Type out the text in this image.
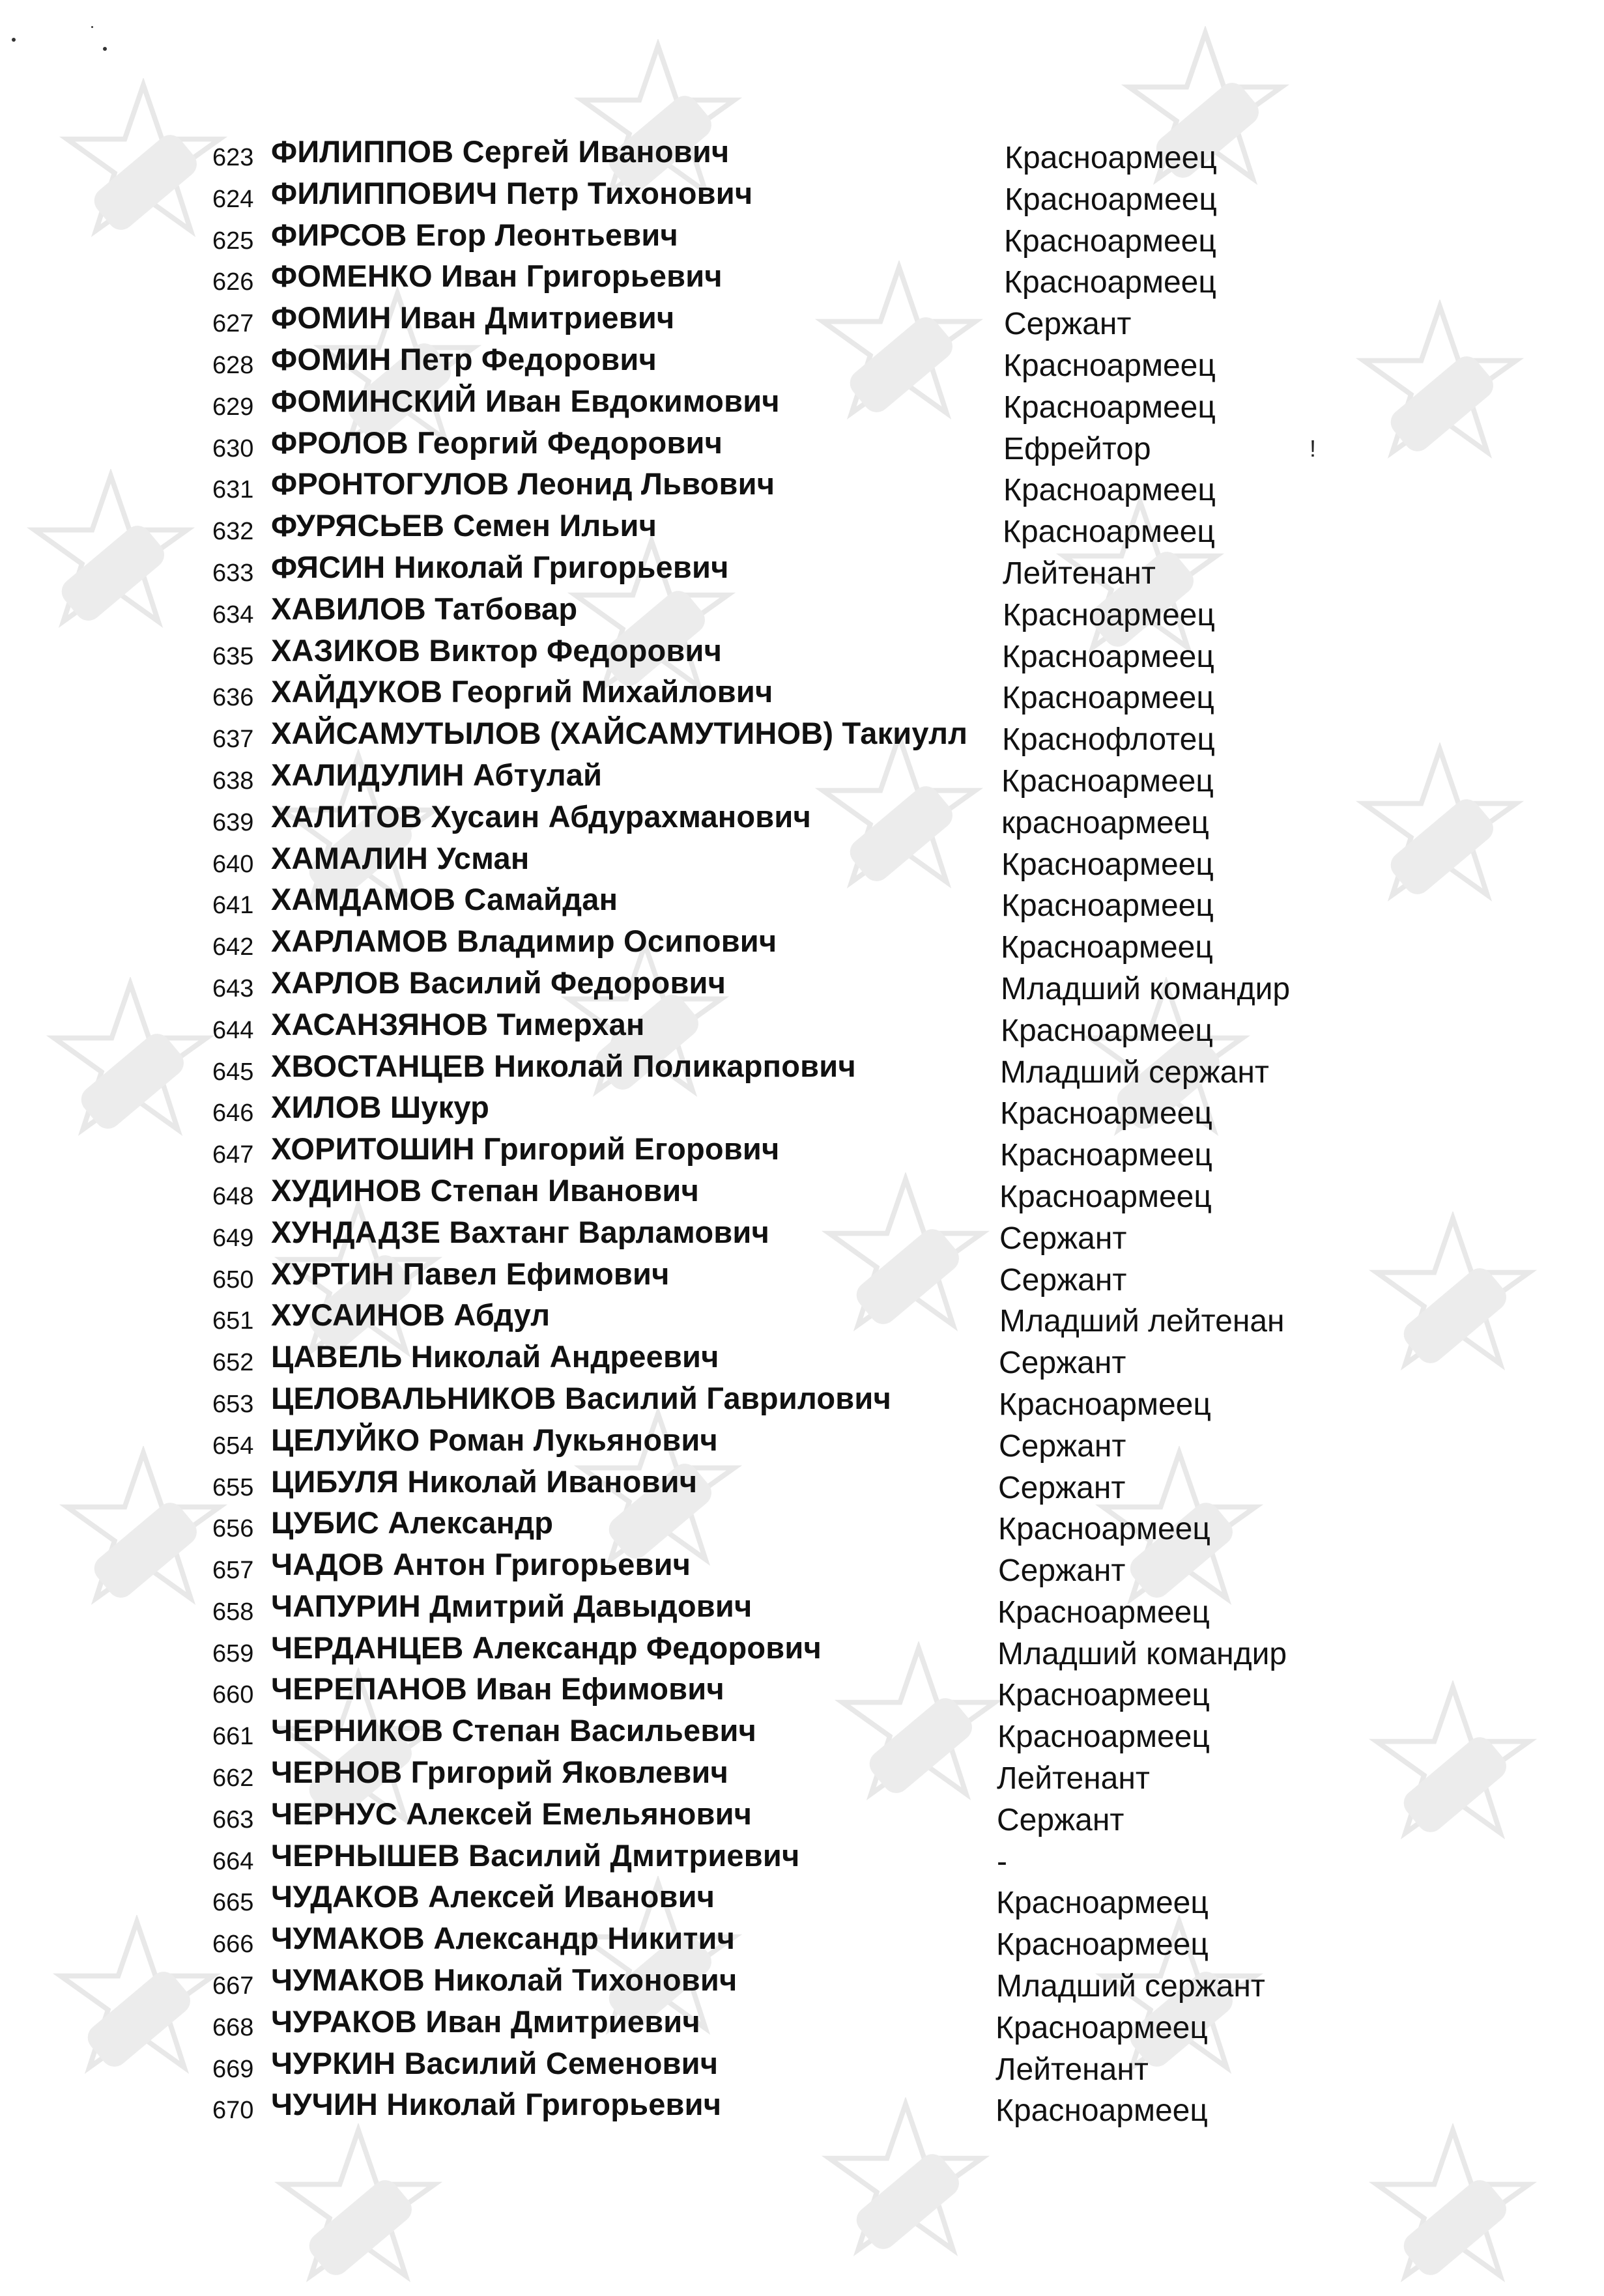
623 ФИЛИППОВ Сергей Иванович	Красноармеец
624 ФИЛИППОВИЧ Петр Тихонович	Красноармеец
625 ФИРСОВ Егор Леонтьевич	Красноармеец
626 ФОМЕНКО Иван Григорьевич	Красноармеец
627 ФОМИН Иван Дмитриевич	Сержант
628 ФОМИН Петр Федорович	Красноармеец
629 ФОМИНСКИЙ Иван Евдокимович	Красноармеец
630 ФРОЛОВ Георгий Федорович	Ефрейтор
631 ФРОНТОГУЛОВ Леонид Львович	Красноармеец
632 ФУРЯСЬЕВ Семен Ильич	Красноармеец
633 ФЯСИН Николай Григорьевич	Лейтенант
634 ХАВИЛОВ Татбовар	Красноармеец
635 ХАЗИКОВ Виктор Федорович	Красноармеец
636 ХАЙДУКОВ Георгий Михайлович	Красноармеец
637 ХАЙСАМУТЫЛОВ (ХАЙСАМУТИНОВ) Такиулл Краснофлотец
638 ХАЛИДУЛИН Абтулай	Красноармеец
639 ХАЛИТОВ Хусаин Абдурахманович	красноармеец
640 ХАМАЛИН Усман	Красноармеец
641 ХАМДАМОВ Самайдан	Красноармеец
642 ХАРЛАМОВ Владимир Осипович	Красноармеец
643 ХАРЛОВ Василий Федорович	Младший командир
644 ХАСАНЗЯНОВ Тимерхан	Красноармеец
645 ХВОСТАНЦЕВ Николай Поликарпович	Младший сержант
646 ХИЛОВ Шукур	Красноармеец
647 ХОРИТОШИН Григорий Егорович	Красноармеец
648 ХУДИНОВ Степан Иванович	Красноармеец
649 ХУНДАДЗЕ Вахтанг Варламович	Сержант
650 ХУРТИН Павел Ефимович	Сержант
651 ХУСАИНОВ Абдул	Младший лейтенан
652 ЦАВЕЛЬ Николай Андреевич	Сержант
653 ЦЕЛОВАЛЬНИКОВ Василий Гаврилович	Красноармеец
654 ЦЕЛУЙКО Роман Лукьянович	Сержант
655 ЦИБУЛЯ Николай Иванович	Сержант
656 ЦУБИС Александр	Красноармеец
657 ЧАДОВ Антон Григорьевич	Сержант
658 ЧАПУРИН Дмитрий Давыдович	Красноармеец
659 ЧЕРДАНЦЕВ Александр Федорович	Младший командир
660 ЧЕРЕПАНОВ Иван Ефимович	Красноармеец
661 ЧЕРНИКОВ Степан Васильевич	Красноармеец
662 ЧЕРНОВ Григорий Яковлевич	Лейтенант
663 ЧЕРНУС Алексей Емельянович	Сержант
664 ЧЕРНЫШЕВ Василий Дмитриевич	-
665 ЧУДАКОВ Алексей Иванович	Красноармеец
666 ЧУМАКОВ Александр Никитич	Красноармеец
667 ЧУМАКОВ Николай Тихонович	Младший сержант
668 ЧУРАКОВ Иван Дмитриевич	Красноармеец
669 ЧУРКИН Василий Семенович	Лейтенант
670 ЧУЧИН Николай Григорьевич	Красноармеец
!
